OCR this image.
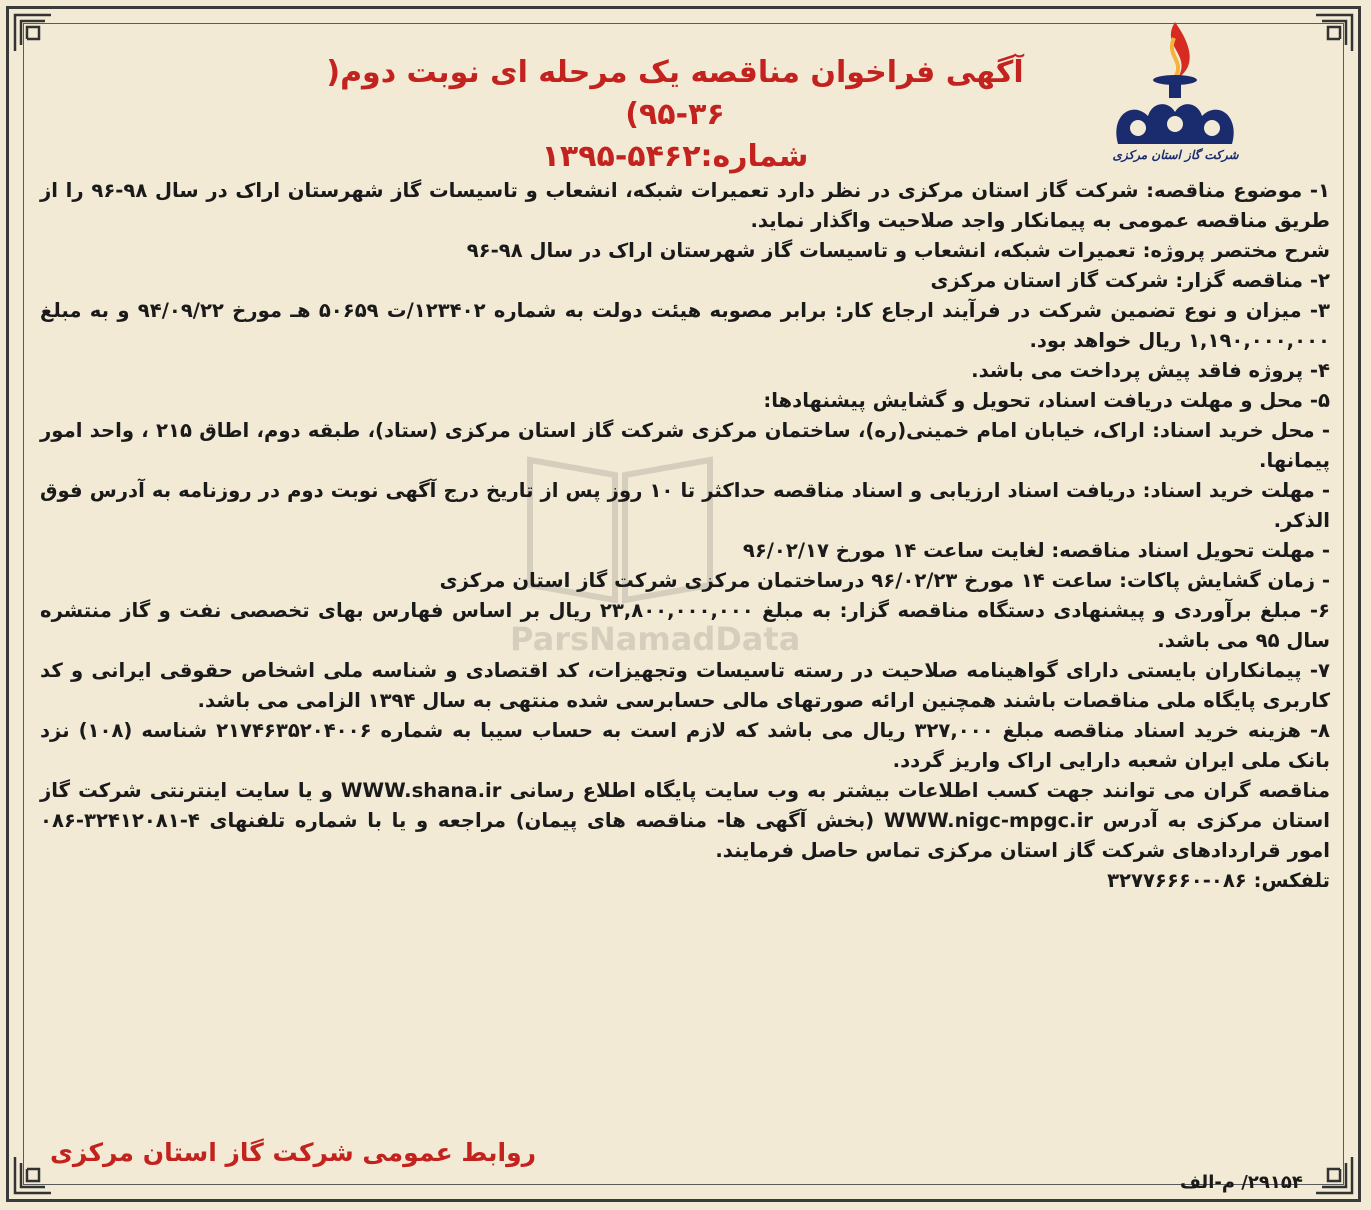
شرکت گاز استان مرکزی
آگهی فراخوان مناقصه یک مرحله ای نوبت دوم( ۳۶-۹۵)
شماره:۵۴۶۲-۱۳۹۵
ParsNamadData

۱- موضوع مناقصه: شرکت گاز استان مرکزی در نظر دارد تعمیرات شبکه، انشعاب و تاسیسات گاز شهرستان اراک در سال ۹۸-۹۶ را از طریق مناقصه عمومی به پیمانکار واجد صلاحیت واگذار نماید.

شرح مختصر پروژه: تعمیرات شبکه، انشعاب و تاسیسات گاز شهرستان اراک در سال ۹۸-۹۶

۲- مناقصه گزار: شرکت گاز استان مرکزی

۳- میزان و نوع تضمین شرکت در فرآیند ارجاع کار: برابر مصوبه هیئت دولت به شماره ۱۲۳۴۰۲/ت ۵۰۶۵۹ هـ مورخ ۹۴/۰۹/۲۲ و به مبلغ ۱,۱۹۰,۰۰۰,۰۰۰ ریال خواهد بود.

۴- پروژه فاقد پیش پرداخت می باشد.

۵- محل و مهلت دریافت اسناد، تحویل و گشایش پیشنهادها:

- محل خرید اسناد: اراک، خیابان امام خمینی(ره)، ساختمان مرکزی شرکت گاز استان مرکزی (ستاد)، طبقه دوم، اطاق ۲۱۵ ، واحد امور پیمانها.

- مهلت خرید اسناد: دریافت اسناد ارزیابی و اسناد مناقصه حداکثر تا ۱۰ روز پس از تاریخ درج آگهی نوبت دوم در روزنامه به آدرس فوق الذکر.

- مهلت تحویل اسناد مناقصه: لغایت ساعت ۱۴ مورخ ۹۶/۰۲/۱۷

- زمان گشایش پاکات: ساعت ۱۴ مورخ ۹۶/۰۲/۲۳ درساختمان مرکزی شرکت گاز استان مرکزی

۶- مبلغ برآوردی و پیشنهادی دستگاه مناقصه گزار: به مبلغ ۲۳,۸۰۰,۰۰۰,۰۰۰ ریال بر اساس فهارس بهای تخصصی نفت و گاز منتشره سال ۹۵ می باشد.

۷- پیمانکاران بایستی دارای گواهینامه صلاحیت در رسته تاسیسات وتجهیزات، کد اقتصادی و شناسه ملی اشخاص حقوقی ایرانی و کد کاربری پایگاه ملی مناقصات باشند همچنین ارائه صورتهای مالی حسابرسی شده منتهی به سال ۱۳۹۴ الزامی می باشد.

۸- هزینه خرید اسناد مناقصه مبلغ ۳۲۷,۰۰۰ ریال می باشد که لازم است به حساب سیبا به شماره ۲۱۷۴۶۳۵۲۰۴۰۰۶ شناسه (۱۰۸) نزد بانک ملی ایران شعبه دارایی اراک واریز گردد.

مناقصه گران می توانند جهت کسب اطلاعات بیشتر به وب سایت پایگاه اطلاع رسانی WWW.shana.ir و یا سایت اینترنتی شرکت گاز استان مرکزی به آدرس WWW.nigc-mpgc.ir (بخش آگهی ها- مناقصه های پیمان) مراجعه و یا با شماره تلفنهای ۴-۳۲۴۱۲۰۸۱-۰۸۶ امور قراردادهای شرکت گاز استان مرکزی تماس حاصل فرمایند.

تلفکس: ۰۸۶-۳۲۷۷۶۶۶۰

روابط عمومی شرکت گاز استان مرکزی
۲۹۱۵۴/ م-الف
